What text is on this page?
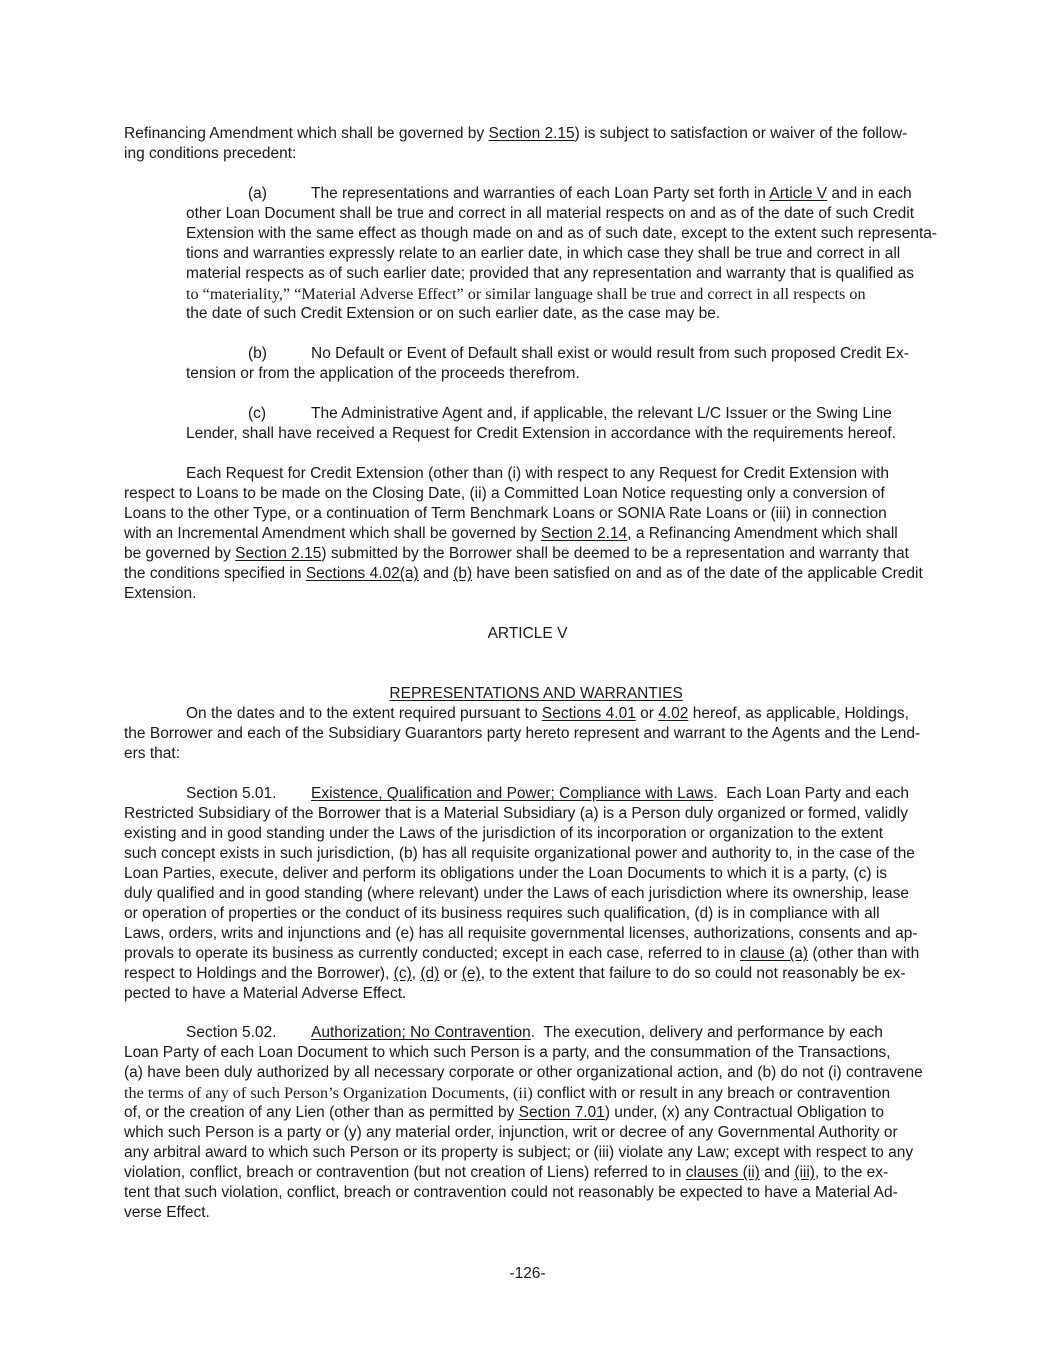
Refinancing Amendment which shall be governed by Section 2.15) is subject to satisfaction or waiver of the follow-
ing conditions precedent:
(a)	The representations and warranties of each Loan Party set forth in Article V and in each
other Loan Document shall be true and correct in all material respects on and as of the date of such Credit
Extension with the same effect as though made on and as of such date, except to the extent such representa-
tions and warranties expressly relate to an earlier date, in which case they shall be true and correct in all
material respects as of such earlier date; provided that any representation and warranty that is qualified as
to “materiality,” “Material Adverse Effect” or similar language shall be true and correct in all respects on
the date of such Credit Extension or on such earlier date, as the case may be.
(b)	No Default or Event of Default shall exist or would result from such proposed Credit Ex-
tension or from the application of the proceeds therefrom.
(c)	The Administrative Agent and, if applicable, the relevant L/C Issuer or the Swing Line
Lender, shall have received a Request for Credit Extension in accordance with the requirements hereof.
Each Request for Credit Extension (other than (i) with respect to any Request for Credit Extension with
respect to Loans to be made on the Closing Date, (ii) a Committed Loan Notice requesting only a conversion of
Loans to the other Type, or a continuation of Term Benchmark Loans or SONIA Rate Loans or (iii) in connection
with an Incremental Amendment which shall be governed by Section 2.14, a Refinancing Amendment which shall
be governed by Section 2.15) submitted by the Borrower shall be deemed to be a representation and warranty that
the conditions specified in Sections 4.02(a) and (b) have been satisfied on and as of the date of the applicable Credit
Extension.
ARTICLE V

REPRESENTATIONS AND WARRANTIES

On the dates and to the extent required pursuant to Sections 4.01 or 4.02 hereof, as applicable, Holdings,
the Borrower and each of the Subsidiary Guarantors party hereto represent and warrant to the Agents and the Lend-
ers that:
Section 5.01. Existence, Qualification and Power; Compliance with Laws.  Each Loan Party and each
Restricted Subsidiary of the Borrower that is a Material Subsidiary (a) is a Person duly organized or formed, validly
existing and in good standing under the Laws of the jurisdiction of its incorporation or organization to the extent
such concept exists in such jurisdiction, (b) has all requisite organizational power and authority to, in the case of the
Loan Parties, execute, deliver and perform its obligations under the Loan Documents to which it is a party, (c) is
duly qualified and in good standing (where relevant) under the Laws of each jurisdiction where its ownership, lease
or operation of properties or the conduct of its business requires such qualification, (d) is in compliance with all
Laws, orders, writs and injunctions and (e) has all requisite governmental licenses, authorizations, consents and ap-
provals to operate its business as currently conducted; except in each case, referred to in clause (a) (other than with
respect to Holdings and the Borrower), (c), (d) or (e), to the extent that failure to do so could not reasonably be ex-
pected to have a Material Adverse Effect.
Section 5.02. Authorization; No Contravention.  The execution, delivery and performance by each
Loan Party of each Loan Document to which such Person is a party, and the consummation of the Transactions,
(a) have been duly authorized by all necessary corporate or other organizational action, and (b) do not (i) contravene
the terms of any of such Person’s Organization Documents, (ii) conflict with or result in any breach or contravention
of, or the creation of any Lien (other than as permitted by Section 7.01) under, (x) any Contractual Obligation to
which such Person is a party or (y) any material order, injunction, writ or decree of any Governmental Authority or
any arbitral award to which such Person or its property is subject; or (iii) violate any Law; except with respect to any
violation, conflict, breach or contravention (but not creation of Liens) referred to in clauses (ii) and (iii), to the ex-
tent that such violation, conflict, breach or contravention could not reasonably be expected to have a Material Ad-
verse Effect.
-126-
